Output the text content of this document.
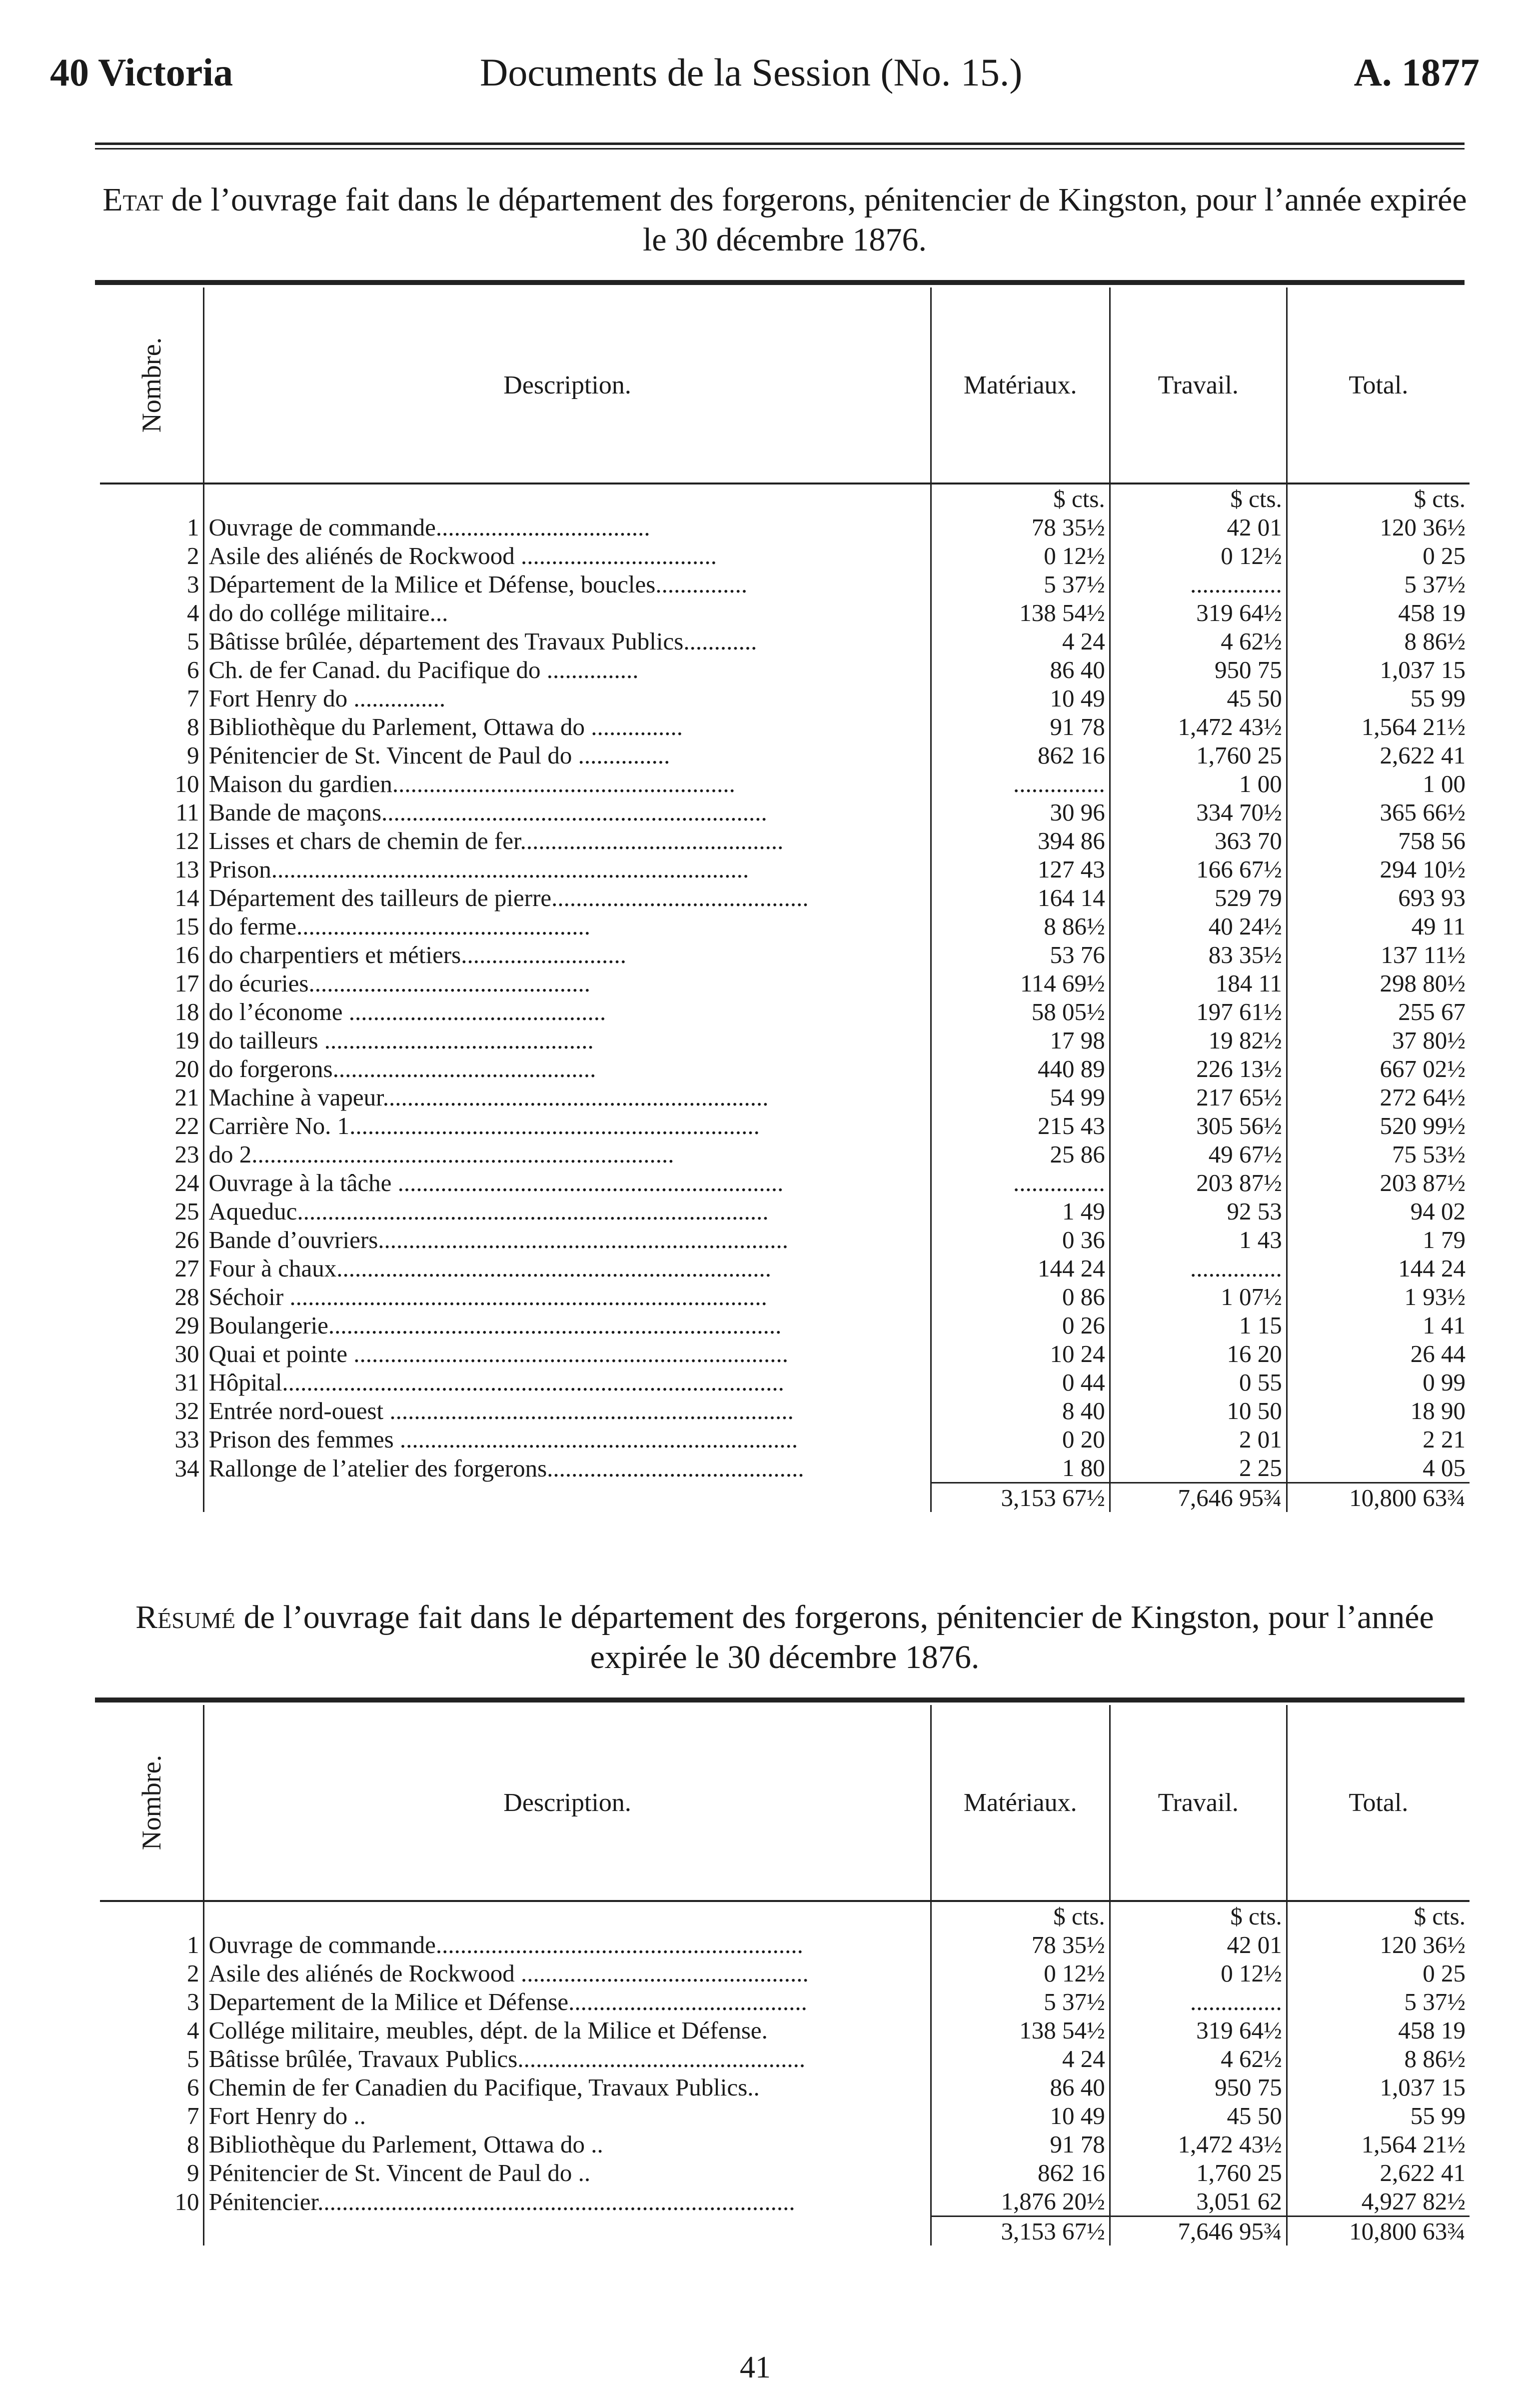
40 Victoria	Documents de la Session (No. 15.)	A. 1877
Etat de l’ouvrage fait dans le département des forgerons, pénitencier de Kingston, pour l’année expirée le 30 décembre 1876.
Nombre.	Description.	Matériaux.	Travail.	Total.
		$ cts.	$ cts.	$ cts.
1	Ouvrage de commande...................................	78 35½	42 01	120 36½
2	Asile des aliénés de Rockwood ................................	0 12½	0 12½	0 25
3	Département de la Milice et Défense, boucles...............	5 37½	...............	5 37½
4	do do collége militaire...	138 54½	319 64½	458 19
5	Bâtisse brûlée, département des Travaux Publics............	4 24	4 62½	8 86½
6	Ch. de fer Canad. du Pacifique do ...............	86 40	950 75	1,037 15
7	Fort Henry do ...............	10 49	45 50	55 99
8	Bibliothèque du Parlement, Ottawa do ...............	91 78	1,472 43½	1,564 21½
9	Pénitencier de St. Vincent de Paul do ...............	862 16	1,760 25	2,622 41
10	Maison du gardien........................................................	...............	1 00	1 00
11	Bande de maçons...............................................................	30 96	334 70½	365 66½
12	Lisses et chars de chemin de fer...........................................	394 86	363 70	758 56
13	Prison..............................................................................	127 43	166 67½	294 10½
14	Département des tailleurs de pierre..........................................	164 14	529 79	693 93
15	do ferme................................................	8 86½	40 24½	49 11
16	do charpentiers et métiers...........................	53 76	83 35½	137 11½
17	do écuries..............................................	114 69½	184 11	298 80½
18	do l’économe ..........................................	58 05½	197 61½	255 67
19	do tailleurs ............................................	17 98	19 82½	37 80½
20	do forgerons...........................................	440 89	226 13½	667 02½
21	Machine à vapeur...............................................................	54 99	217 65½	272 64½
22	Carrière No. 1...................................................................	215 43	305 56½	520 99½
23	do 2.....................................................................	25 86	49 67½	75 53½
24	Ouvrage à la tâche ...............................................................	...............	203 87½	203 87½
25	Aqueduc.............................................................................	1 49	92 53	94 02
26	Bande d’ouvriers...................................................................	0 36	1 43	1 79
27	Four à chaux.......................................................................	144 24	...............	144 24
28	Séchoir ..............................................................................	0 86	1 07½	1 93½
29	Boulangerie..........................................................................	0 26	1 15	1 41
30	Quai et pointe .......................................................................	10 24	16 20	26 44
31	Hôpital..................................................................................	0 44	0 55	0 99
32	Entrée nord-ouest ..................................................................	8 40	10 50	18 90
33	Prison des femmes .................................................................	0 20	2 01	2 21
34	Rallonge de l’atelier des forgerons..........................................	1 80	2 25	4 05
		3,153 67½	7,646 95¾	10,800 63¾
Résumé de l’ouvrage fait dans le département des forgerons, pénitencier de Kingston, pour l’année expirée le 30 décembre 1876.
Nombre.	Description.	Matériaux.	Travail.	Total.
		$ cts.	$ cts.	$ cts.
1	Ouvrage de commande............................................................	78 35½	42 01	120 36½
2	Asile des aliénés de Rockwood ...............................................	0 12½	0 12½	0 25
3	Departement de la Milice et Défense.......................................	5 37½	...............	5 37½
4	Collége militaire, meubles, dépt. de la Milice et Défense.	138 54½	319 64½	458 19
5	Bâtisse brûlée, Travaux Publics...............................................	4 24	4 62½	8 86½
6	Chemin de fer Canadien du Pacifique, Travaux Publics..	86 40	950 75	1,037 15
7	Fort Henry do ..	10 49	45 50	55 99
8	Bibliothèque du Parlement, Ottawa do ..	91 78	1,472 43½	1,564 21½
9	Pénitencier de St. Vincent de Paul do ..	862 16	1,760 25	2,622 41
10	Pénitencier..............................................................................	1,876 20½	3,051 62	4,927 82½
		3,153 67½	7,646 95¾	10,800 63¾
41
